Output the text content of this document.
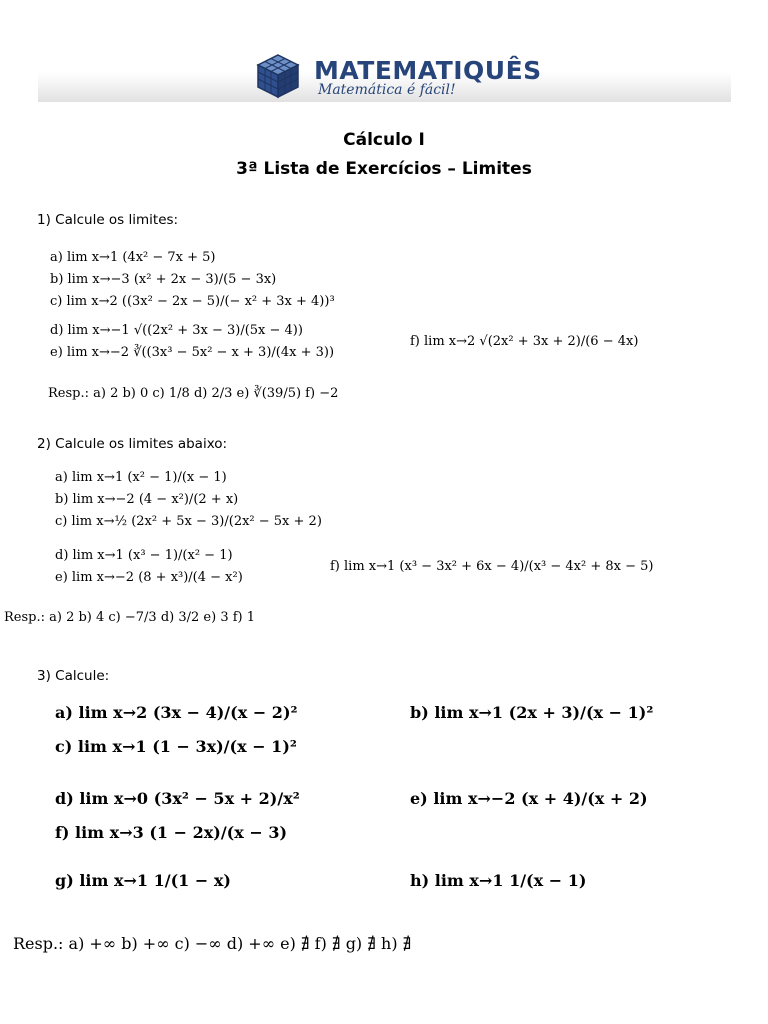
MATEMATIQUÊS
Matemática é fácil!
Cálculo I
3ª Lista de Exercícios – Limites
1) Calcule os limites:
a) lim x→1 (4x² − 7x + 5)
b) lim x→−3 (x² + 2x − 3)/(5 − 3x)
c) lim x→2 ((3x² − 2x − 5)/(− x² + 3x + 4))³
d) lim x→−1 √((2x² + 3x − 3)/(5x − 4))
e) lim x→−2 ∛((3x³ − 5x² − x + 3)/(4x + 3))
f) lim x→2 √(2x² + 3x + 2)/(6 − 4x)
Resp.: a) 2 b) 0 c) 1/8 d) 2/3 e) ∛(39/5) f) −2
2) Calcule os limites abaixo:
a) lim x→1 (x² − 1)/(x − 1)
b) lim x→−2 (4 − x²)/(2 + x)
c) lim x→½ (2x² + 5x − 3)/(2x² − 5x + 2)
d) lim x→1 (x³ − 1)/(x² − 1)
e) lim x→−2 (8 + x³)/(4 − x²)
f) lim x→1 (x³ − 3x² + 6x − 4)/(x³ − 4x² + 8x − 5)
Resp.: a) 2 b) 4 c) −7/3 d) 3/2 e) 3 f) 1
3) Calcule:
a) lim x→2 (3x − 4)/(x − 2)²	b) lim x→1 (2x + 3)/(x − 1)²
c) lim x→1 (1 − 3x)/(x − 1)²
d) lim x→0 (3x² − 5x + 2)/x²	e) lim x→−2 (x + 4)/(x + 2)
f) lim x→3 (1 − 2x)/(x − 3)
g) lim x→1 1/(1 − x)	h) lim x→1 1/(x − 1)
Resp.: a) +∞ b) +∞ c) −∞ d) +∞ e) ∄ f) ∄ g) ∄ h) ∄
